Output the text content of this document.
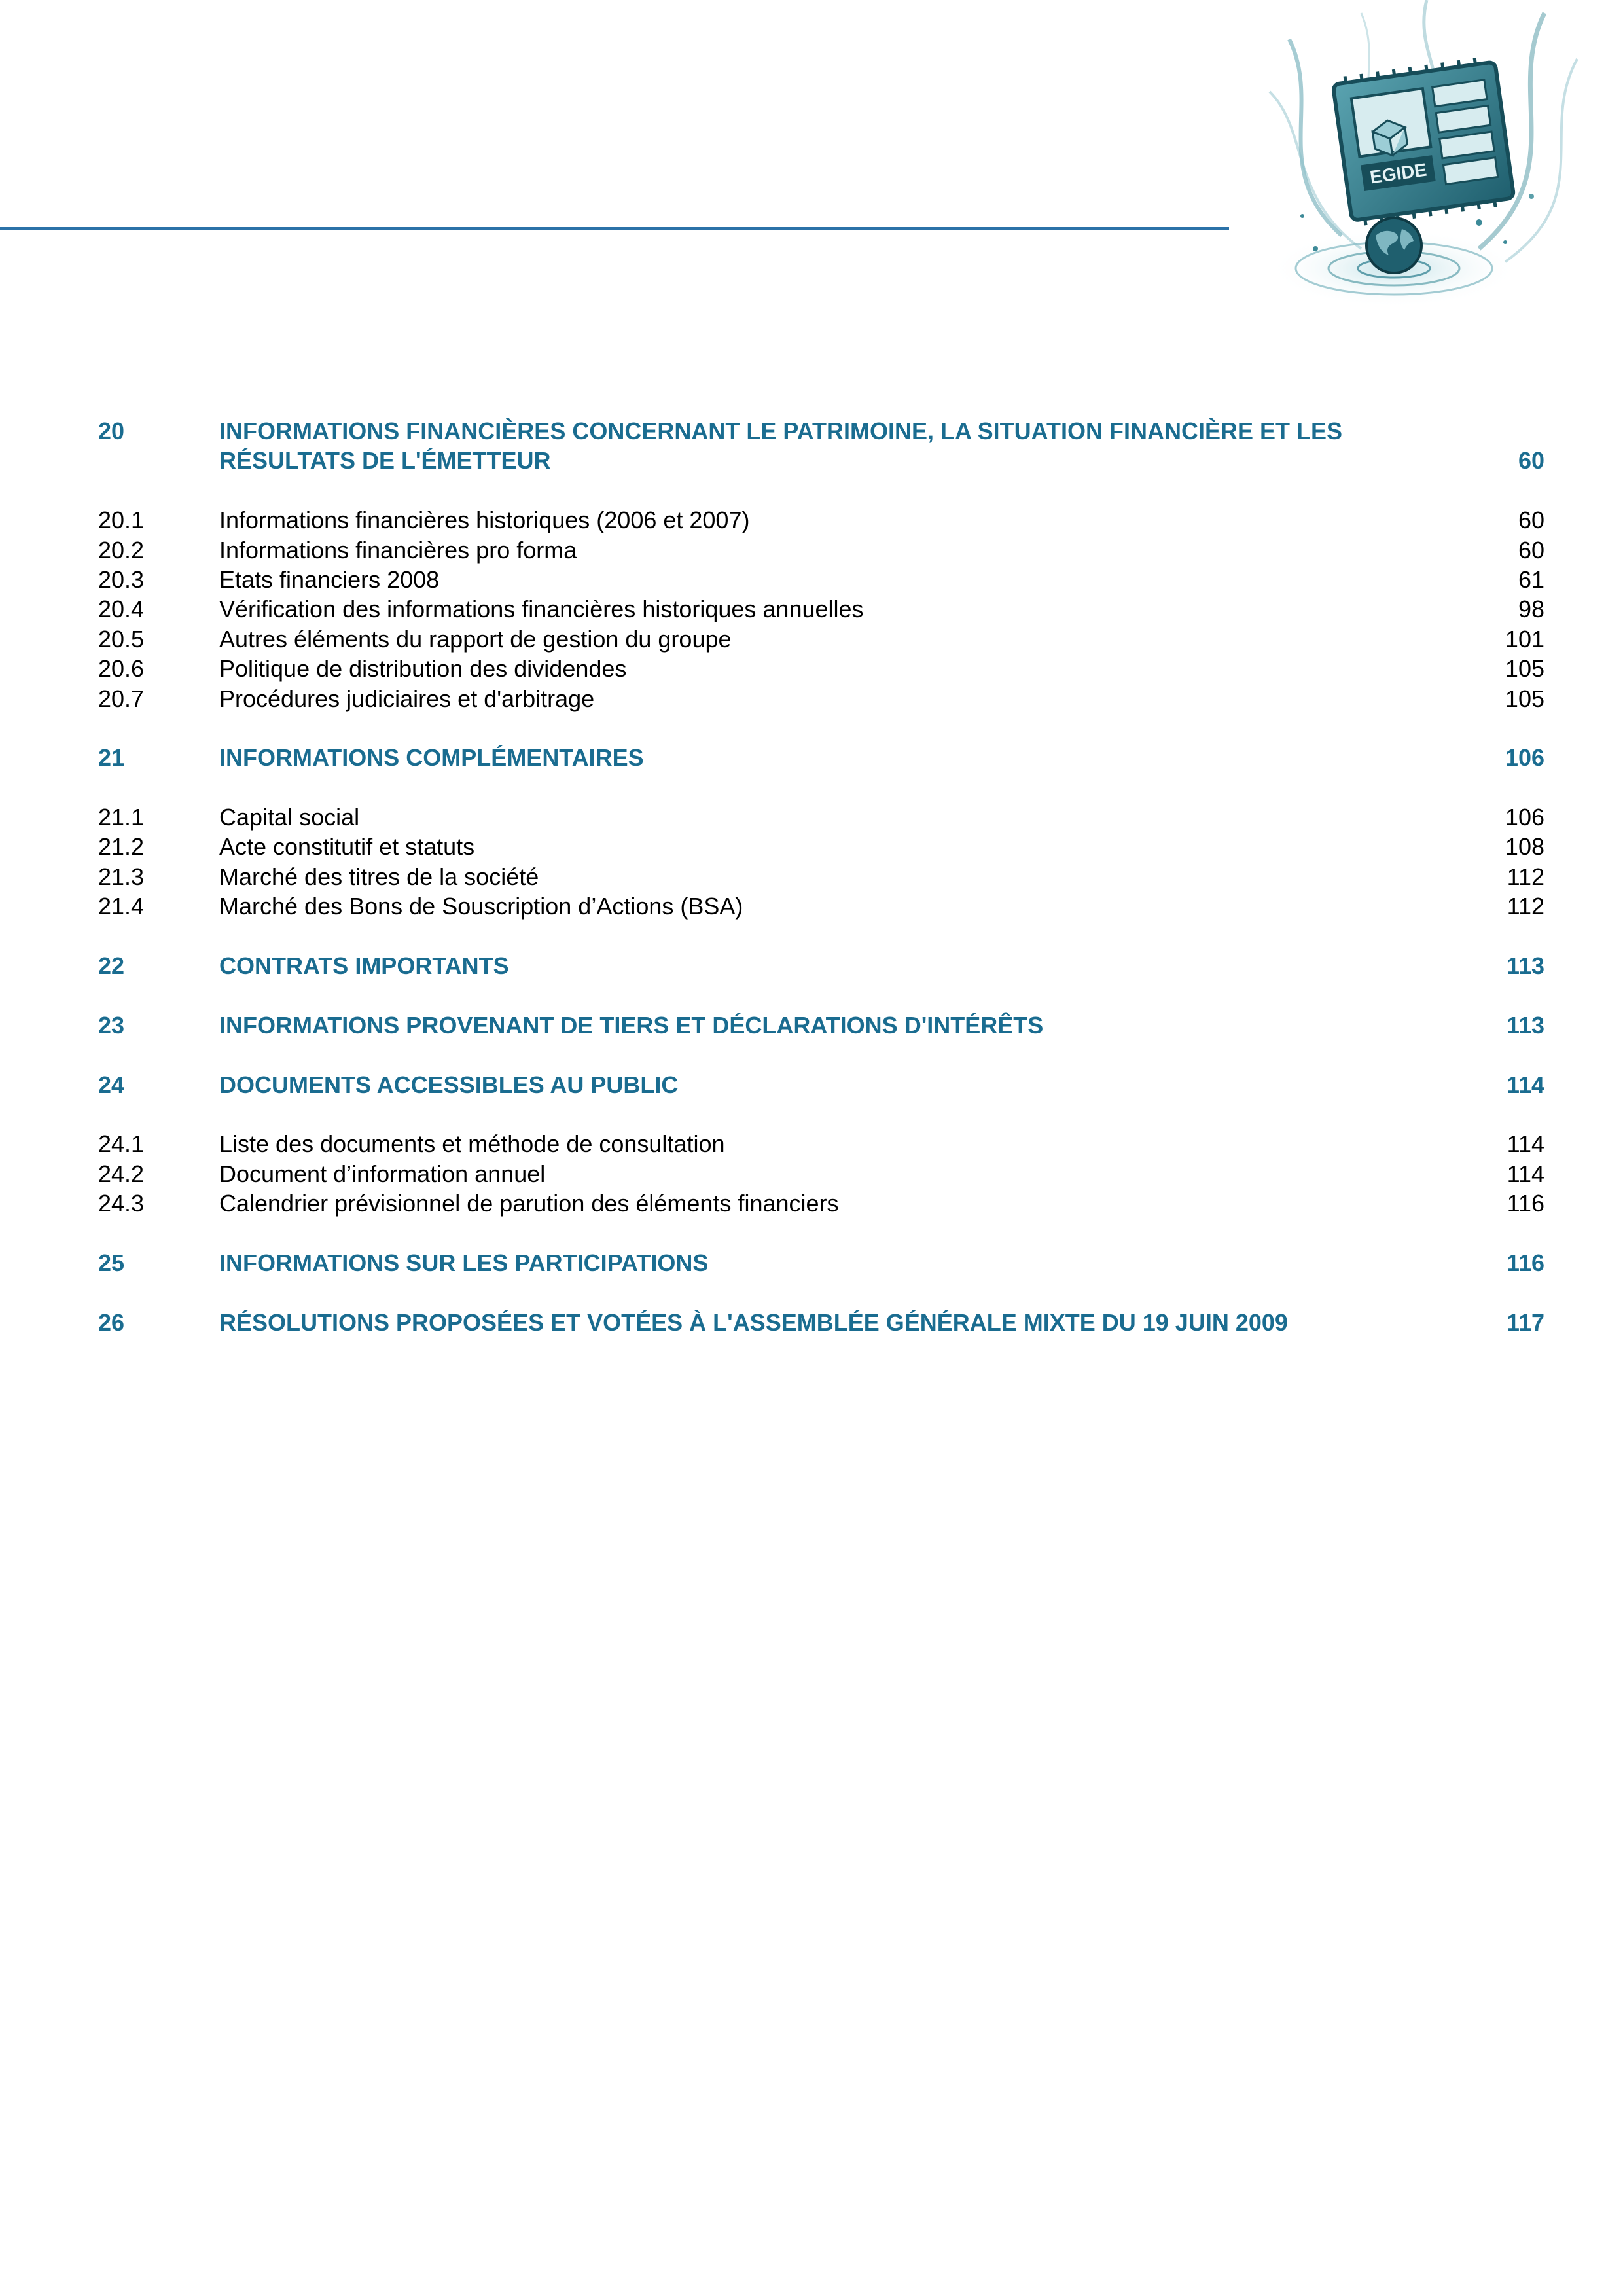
EGIDE
20	INFORMATIONS FINANCIÈRES CONCERNANT LE PATRIMOINE, LA SITUATION FINANCIÈRE ET LES RÉSULTATS DE L'ÉMETTEUR	60
20.1	Informations financières historiques (2006 et 2007)	60
20.2	Informations financières pro forma	60
20.3	Etats financiers 2008	61
20.4	Vérification des informations financières historiques annuelles	98
20.5	Autres éléments du rapport de gestion du groupe	101
20.6	Politique de distribution des dividendes	105
20.7	Procédures judiciaires et d'arbitrage	105
21	INFORMATIONS COMPLÉMENTAIRES	106
21.1	Capital social	106
21.2	Acte constitutif et statuts	108
21.3	Marché des titres de la société	112
21.4	Marché des Bons de Souscription d’Actions (BSA)	112
22	CONTRATS IMPORTANTS	113
23	INFORMATIONS PROVENANT DE TIERS ET DÉCLARATIONS D'INTÉRÊTS	113
24	DOCUMENTS ACCESSIBLES AU PUBLIC	114
24.1	Liste des documents et méthode de consultation	114
24.2	Document d’information annuel	114
24.3	Calendrier prévisionnel de parution des éléments financiers	116
25	INFORMATIONS SUR LES PARTICIPATIONS	116
26	RÉSOLUTIONS PROPOSÉES ET VOTÉES À L'ASSEMBLÉE GÉNÉRALE MIXTE DU 19 JUIN 2009	117
